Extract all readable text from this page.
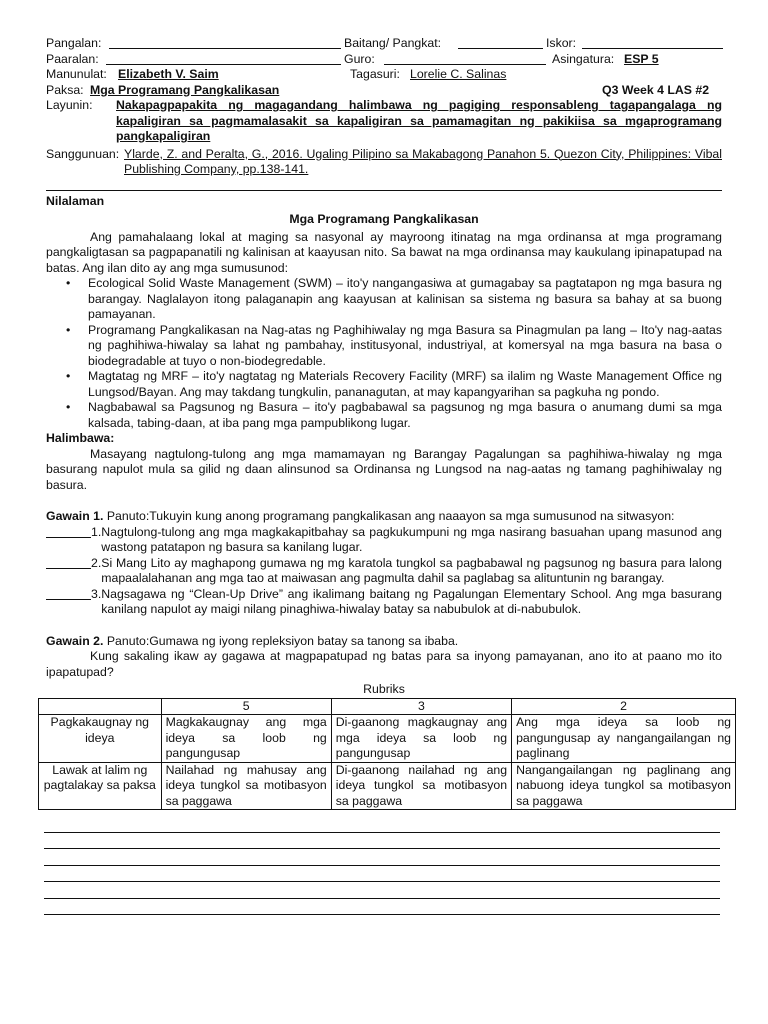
Pangalan:	Baitang/ Pangkat:	Iskor:
Paaralan:	Guro:	Asingatura: ESP 5
Manunulat: Elizabeth V. Saim	Tagasuri: Lorelie C. Salinas
Paksa: Mga Programang Pangkalikasan	Q3 Week 4 LAS #2
Layunin:	Nakapagpapakita ng magagandang halimbawa ng pagiging responsableng tagapangalaga ng kapaligiran sa pagmamalasakit sa kapaligiran sa pamamagitan ng pakikiisa sa mgaprogramang pangkapaligiran
Sanggunuan: Ylarde, Z. and Peralta, G., 2016. Ugaling Pilipino sa Makabagong Panahon 5. Quezon City, Philippines: Vibal Publishing Company, pp.138-141.

Nilalaman

Mga Programang Pangkalikasan

Ang pamahalaang lokal at maging sa nasyonal ay mayroong itinatag na mga ordinansa at mga programang pangkaligtasan sa pagpapanatili ng kalinisan at kaayusan nito. Sa bawat na mga ordinansa may kaukulang ipinapatupad na batas. Ang ilan dito ay ang mga sumusunod:

• Ecological Solid Waste Management (SWM) – ito'y nangangasiwa at gumagabay sa pagtatapon ng mga basura ng barangay. Naglalayon itong palaganapin ang kaayusan at kalinisan sa sistema ng basura sa bahay at sa buong pamayanan.
• Programang Pangkalikasan na Nag-atas ng Paghihiwalay ng mga Basura sa Pinagmulan pa lang – Ito'y nag-aatas ng paghihiwa-hiwalay sa lahat ng pambahay, institusyonal, industriyal, at komersyal na mga basura na basa o biodegradable at tuyo o non-biodegredable.
• Magtatag ng MRF – ito'y nagtatag ng Materials Recovery Facility (MRF) sa ilalim ng Waste Management Office ng Lungsod/Bayan. Ang may takdang tungkulin, pananagutan, at may kapangyarihan sa pagkuha ng pondo.
• Nagbabawal sa Pagsunog ng Basura – ito'y pagbabawal sa pagsunog ng mga basura o anumang dumi sa mga kalsada, tabing-daan, at iba pang mga pampublikong lugar.

Halimbawa:

Masayang nagtulong-tulong ang mga mamamayan ng Barangay Pagalungan sa paghihiwa-hiwalay ng mga basurang napulot mula sa gilid ng daan alinsunod sa Ordinansa ng Lungsod na nag-aatas ng tamang paghihiwalay ng basura.

Gawain 1. Panuto:Tukuyin kung anong programang pangkalikasan ang naaayon sa mga sumusunod na sitwasyon:

1. Nagtulong-tulong ang mga magkakapitbahay sa pagkukumpuni ng mga nasirang basuahan upang masunod ang wastong patatapon ng basura sa kanilang lugar.
2. Si Mang Lito ay maghapong gumawa ng mg karatola tungkol sa pagbabawal ng pagsunog ng basura para lalong mapaalalahanan ang mga tao at maiwasan ang pagmulta dahil sa paglabag sa alituntunin ng barangay.
3. Nagsagawa ng “Clean-Up Drive” ang ikalimang baitang ng Pagalungan Elementary School. Ang mga basurang kanilang napulot ay maigi nilang pinaghiwa-hiwalay batay sa nabubulok at di-nabubulok.

Gawain 2. Panuto:Gumawa ng iyong repleksiyon batay sa tanong sa ibaba.

Kung sakaling ikaw ay gagawa at magpapatupad ng batas para sa inyong pamayanan, ano ito at paano mo ito ipapatupad?

Rubriks

	5	3	2
Pagkakaugnay ng ideya	Magkakaugnay ang mga ideya sa loob ng pangungusap	Di-gaanong magkaugnay ang mga ideya sa loob ng pangungusap	Ang mga ideya sa loob ng pangungusap ay nangangailangan ng paglinang
Lawak at lalim ng pagtalakay sa paksa	Nailahad ng mahusay ang ideya tungkol sa motibasyon sa paggawa	Di-gaanong nailahad ng ang ideya tungkol sa motibasyon sa paggawa	Nangangailangan ng paglinang ang nabuong ideya tungkol sa motibasyon sa paggawa
